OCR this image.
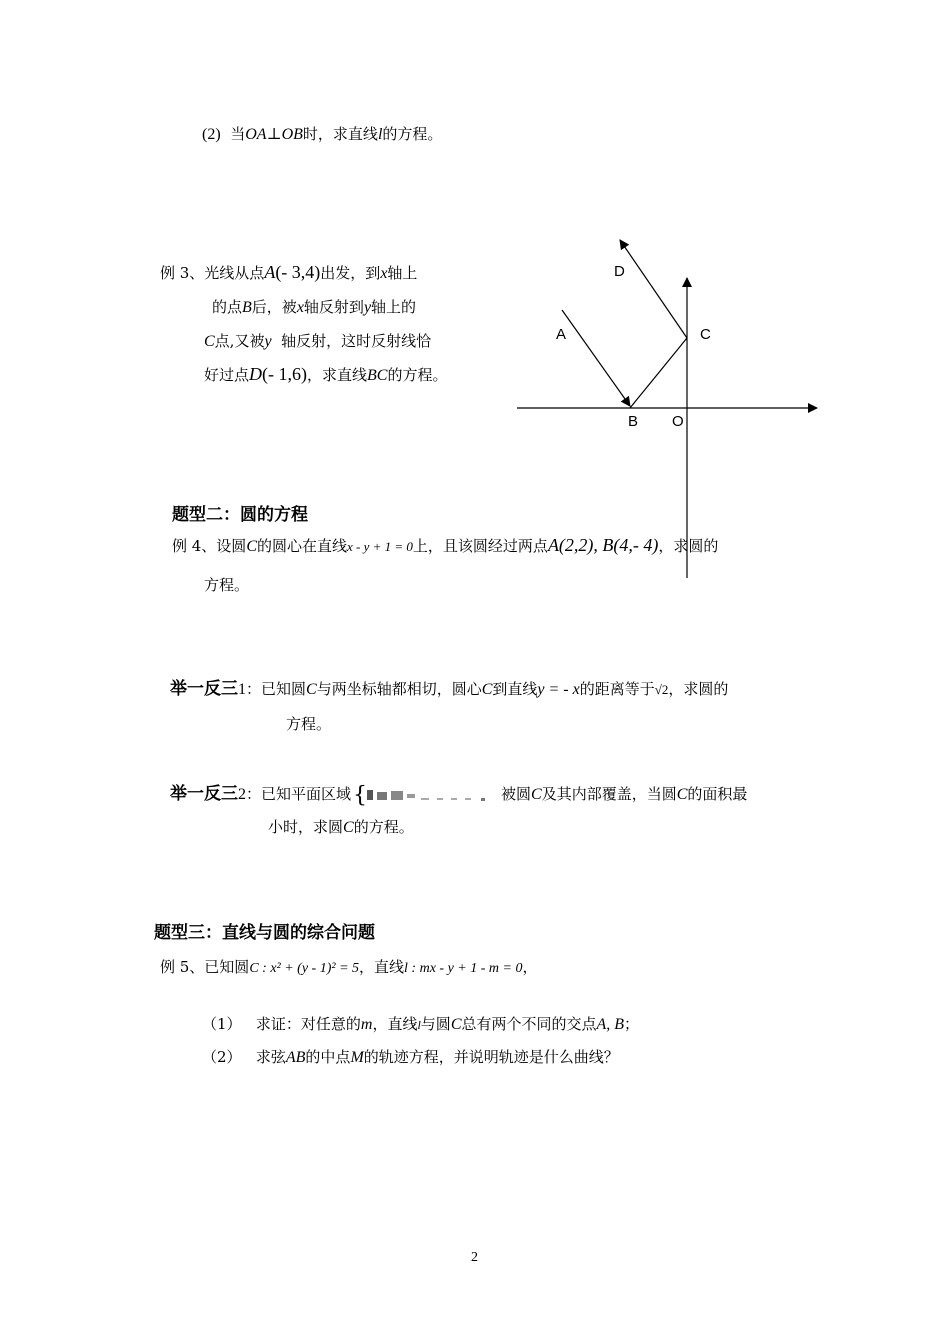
(2) 当OA⊥OB时，求直线l的方程。
例 3、光线从点A(- 3,4)出发，到x轴上
的点B后，被x轴反射到y轴上的
C点,又被y 轴反射，这时反射线恰
好过点D(- 1,6)，求直线BC的方程。
D
A	C
B O
题型二：圆的方程
例 4、设圆C的圆心在直线x - y + 1 = 0上，且该圆经过两点A(2,2), B(4,- 4)，求圆的
方程。
举一反三1：已知圆C与两坐标轴都相切，圆心C到直线y = - x的距离等于√2，求圆的
方程。
举一反三2：已知平面区域 {	被圆C及其内部覆盖，当圆C的面积最
小时，求圆C的方程。
题型三：直线与圆的综合问题
例 5、已知圆C : x² + (y - 1)² = 5，直线l : mx - y + 1 - m = 0，
（1） 求证：对任意的m，直线l与圆C总有两个不同的交点A, B；
（2） 求弦AB的中点M的轨迹方程，并说明轨迹是什么曲线？
2
